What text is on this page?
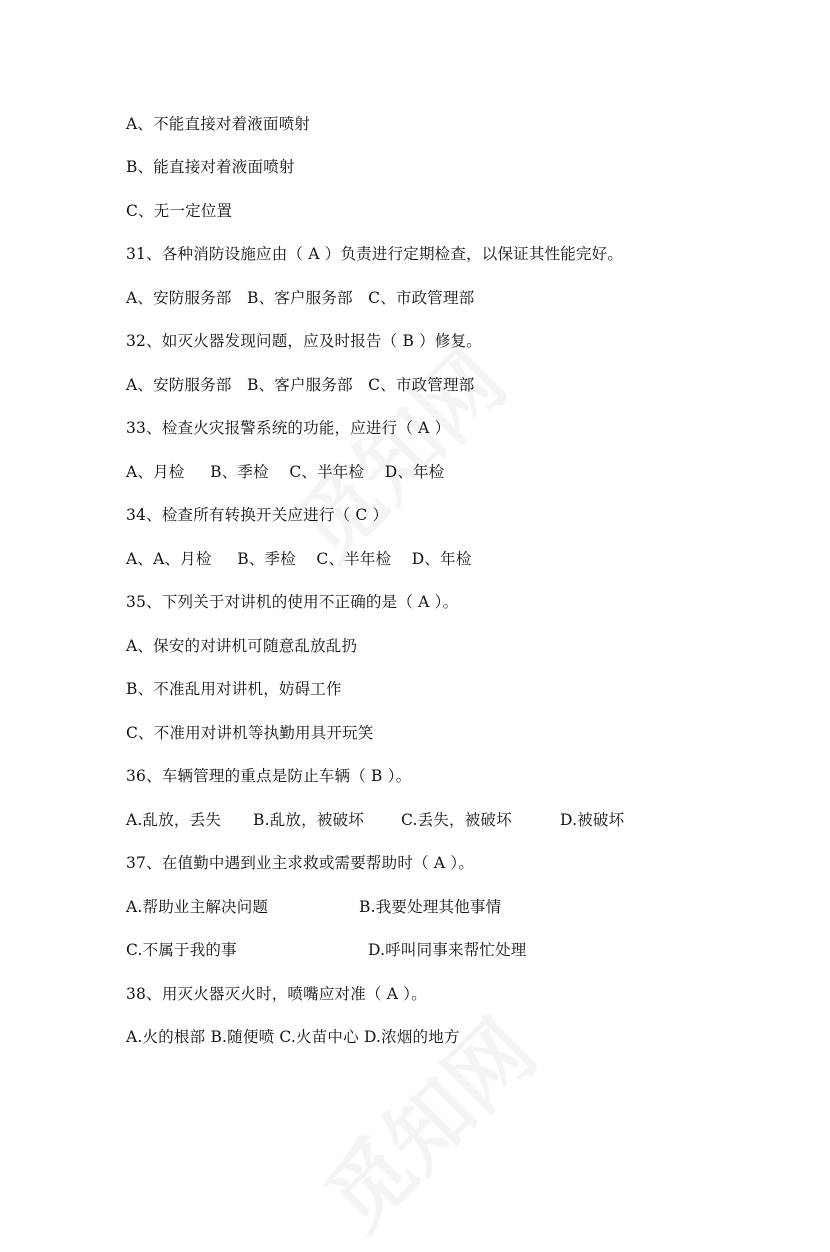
A、不能直接对着液面喷射
B、能直接对着液面喷射
C、无一定位置
31、各种消防设施应由（ A ）负责进行定期检查，以保证其性能完好。
A、安防服务部   B、客户服务部   C、市政管理部
32、如灭火器发现问题，应及时报告（ B ）修复。
A、安防服务部   B、客户服务部   C、市政管理部
33、检查火灾报警系统的功能，应进行（ A ）
A、月检     B、季检    C、半年检    D、年检
34、检查所有转换开关应进行（ C ）
A、A、月检     B、季检    C、半年检    D、年检
35、下列关于对讲机的使用不正确的是（ A ）。
A、保安的对讲机可随意乱放乱扔
B、不准乱用对讲机，妨碍工作
C、不准用对讲机等执勤用具开玩笑
36、车辆管理的重点是防止车辆（ B ）。

A.乱放，丢失

B.乱放，被破坏

C.丢失，被破坏

	D.被破坏

37、在值勤中遇到业主求救或需要帮助时（ A ）。

A.帮助业主解决问题

	B.我要处理其他事情

C.不属于我的事

	D.呼叫同事来帮忙处理

38、用灭火器灭火时，喷嘴应对准（ A ）。
A.火的根部 B.随便喷 C.火苗中心 D.浓烟的地方
